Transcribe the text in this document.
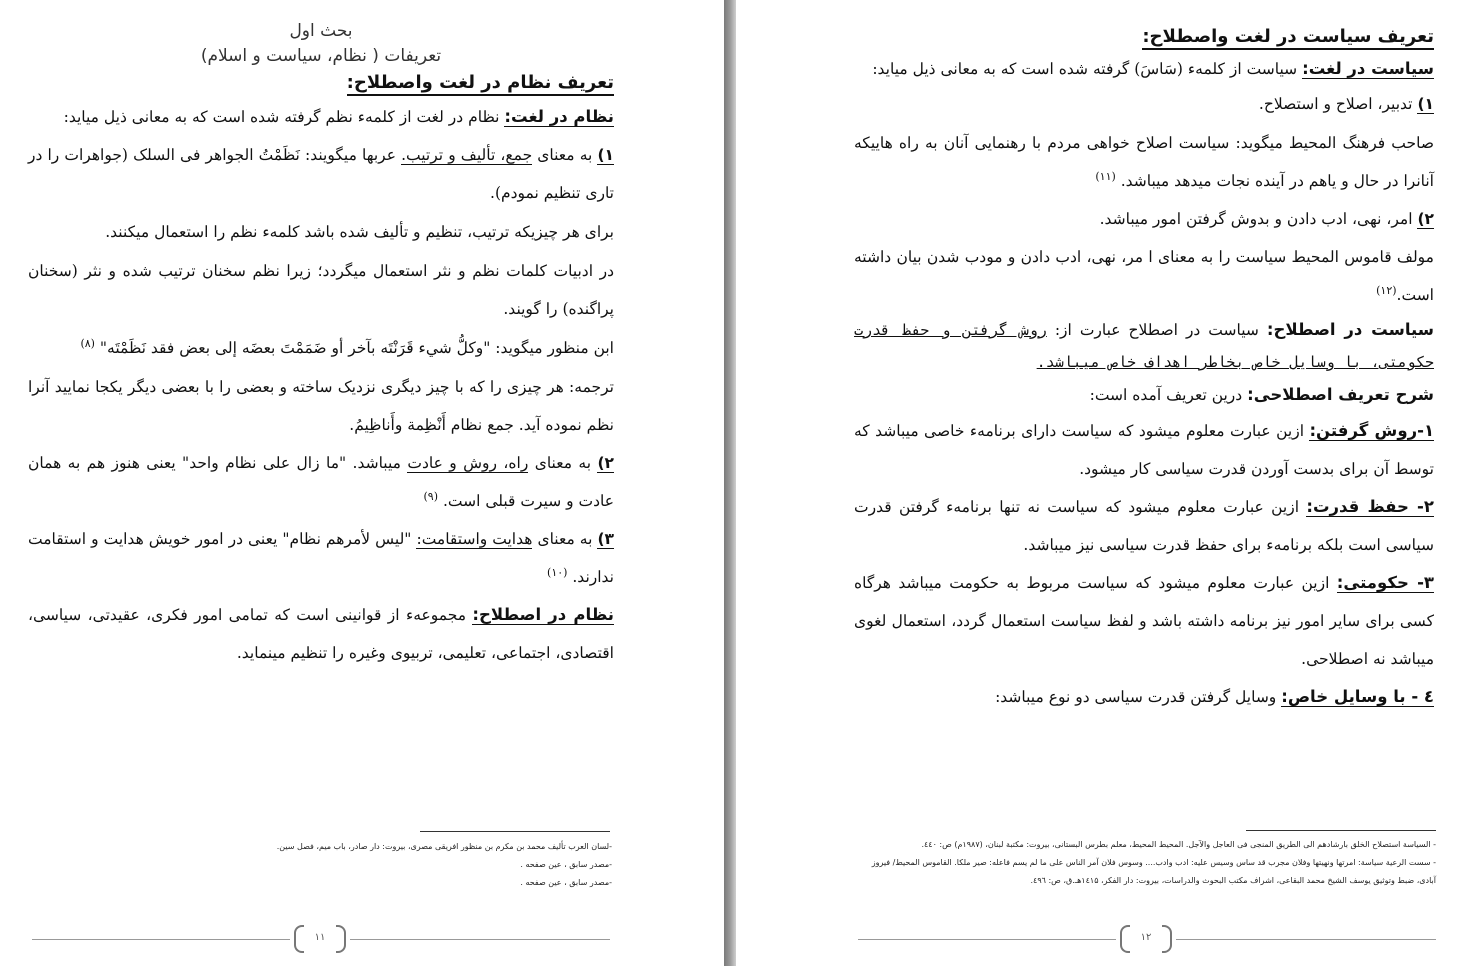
بحث اول
تعریفات ( نظام، سیاست و اسلام)
تعریف نظام در لغت واصطلاح:

نظام در لغت: نظام در لغت از کلمهء نظم گرفته شده است که به معانی ذیل میاید:

۱) به معنای جمع، تألیف و ترتیب. عربها میگویند: نَظَمْتُ الجواهر فی السلک (جواهرات را در تاری تنظیم نمودم).

برای هر چیزیکه ترتیب، تنظیم و تألیف شده باشد کلمهء نظم را استعمال میکنند.

در ادبیات کلمات نظم و نثر استعمال میگردد؛ زیرا نظم سخنان ترتیب شده و نثر (سخنان پراگنده) را گویند.

ابن منظور میگوید: "وكلُّ شيء قَرَنْتَه بآخر أو ضَمَمْتَ بعضَه إلى بعض فقد نَظَمْتَه" $^{(۸)}$

ترجمه: هر چیزی را که با چیز دیگری نزدیک ساخته و بعضی را با بعضی دیگر یکجا نمایید آنرا نظم نموده آید. جمع نظام أَنْظِمة وأَناظِيمُ.

۲) به معنای راه، روش و عادت میباشد. "ما زال على نظام واحد" یعنی هنوز هم به همان عادت و سیرت قبلی است. $^{(۹)}$

۳) به معنای هدایت واستقامت: "ليس لأمرهم نظام" یعنی در امور خویش هدایت و استقامت ندارند. $^{(۱۰)}$

نظام در اصطلاح: مجموعهء از قوانینی است که تمامی امور فکری، عقیدتی، سیاسی، اقتصادی، اجتماعی، تعلیمی، تربیوی وغیره را تنظیم مینماید.

-لسان العرب تألیف محمد بن مکرم بن منظور افریقی مصری، بیروت: دار صادر، باب میم، فصل سین.
-مصدر سابق ، عین صفحه .
-مصدر سابق ، عین صفحه .
۱۱
تعریف سیاست در لغت واصطلاح:

سیاست در لغت: سیاست از کلمهء (سَاسَ) گرفته شده است که به معانی ذیل میاید:

۱) تدبیر، اصلاح و استصلاح.

صاحب فرهنگ المحیط میگوید: سیاست اصلاح خواهی مردم با رهنمایی آنان به راه هاییکه آنانرا در حال و یاهم در آینده نجات میدهد میباشد. $^{(۱۱)}$

۲) امر، نهی، ادب دادن و بدوش گرفتن امور میباشد.

مولف قاموس المحیط سیاست را به معنای ا مر، نهی، ادب دادن و مودب شدن بیان داشته است.$^{(۱۲)}$

سیاست در اصطلاح: سیاست در اصطلاح عبارت از: روش گرفتن و حفظ قدرت حکومتی، با وسایل خاص بخاطر اهداف خاص میباشد.

شرح تعریف اصطلاحی: درین تعریف آمده است:

۱-روش گرفتن: ازین عبارت معلوم میشود که سیاست دارای برنامهء خاصی میباشد که توسط آن برای بدست آوردن قدرت سیاسی کار میشود.

۲- حفظ قدرت: ازین عبارت معلوم میشود که سیاست نه تنها برنامهء گرفتن قدرت سیاسی است بلکه برنامهء برای حفظ قدرت سیاسی نیز میباشد.

۳- حکومتی: ازین عبارت معلوم میشود که سیاست مربوط به حکومت میباشد هرگاه کسی برای سایر امور نیز برنامه داشته باشد و لفظ سیاست استعمال گردد، استعمال لغوی میباشد نه اصطلاحی.

٤ - با وسایل خاص: وسایل گرفتن قدرت سیاسی دو نوع میباشد:

- السیاسة استصلاح الخلق بارشادهم الی الطریق المنجی فی العاجل والآجل. المحیط المحیط، معلم بطرس البستانی، بیروت: مکتبة لبنان، (۱۹۸۷م) ص: ٤٤٠.
- سست الرعية سياسة: امرتها ونهيتها وفلان مجرب قد ساس وسيس عليه: ادب وادب.... وسوس فلان آمر الناس على ما لم يسم فاعله: صير ملكا. القاموس المحيط/ فيروز آبادی، ضبط وتوثيق يوسف الشيخ محمد البقاعی، اشراف مكتب البحوث والدراسات، بيروت: دار الفكر، ۱٤۱۵هـ.ق، ص: ٤٩٦.
۱۲
